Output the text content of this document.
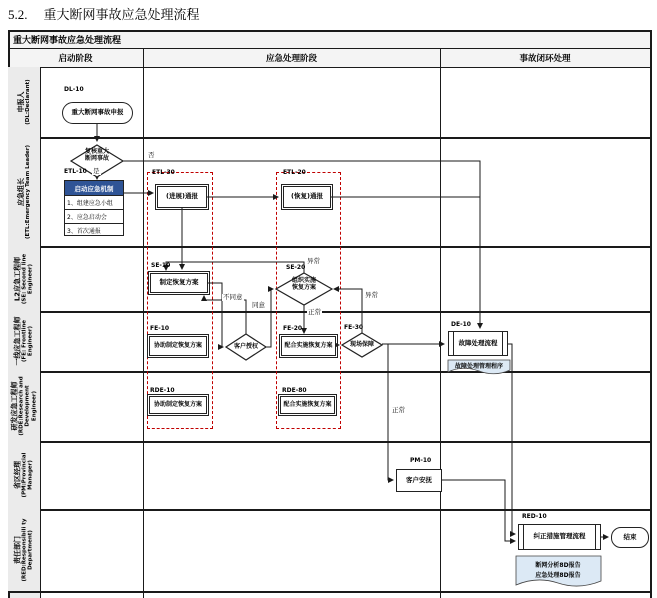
5.2. 重大断网事故应急处理流程
申报人 (DL:Declarant)
应急组长 (ETL:Emergency Team Leader)
L2应急工程师 (SE: Second line Engineer)
一线应急工程师 (FE: Frontline Engineer)
研发应急工程师 (RDE:Research and Development Engineer)
省区经理 (PM:Provincial Manager)
责任部门 (RED:Responsibili ty Department)
重大断网事故应急处理流程
启动阶段	应急处理阶段	事故闭环处理
故障处理管理程序
断网分析8D报告
应急处理8D报告
DL-10
重大断网事故申报
复核重大
断网事故	否
ETL-10 是
启动应急机制
1、组建应急小组
2、应急启动会
3、首次通报
ETL-30
(进展)通报
ETL-20
(恢复)通报
SE-10
制定恢复方案
SE-20
组织实施
恢复方案
异常
正常
不同意
同意
客户授权
FE-10
协助制定恢复方案
FE-20
配合实施恢复方案
FE-30
现场保障
异常
正常
RDE-10
协助制定恢复方案
RDE-80
配合实施恢复方案
DE-10
故障处理流程
PM-10
客户安抚
RED-10
纠正措施管理流程	结束
